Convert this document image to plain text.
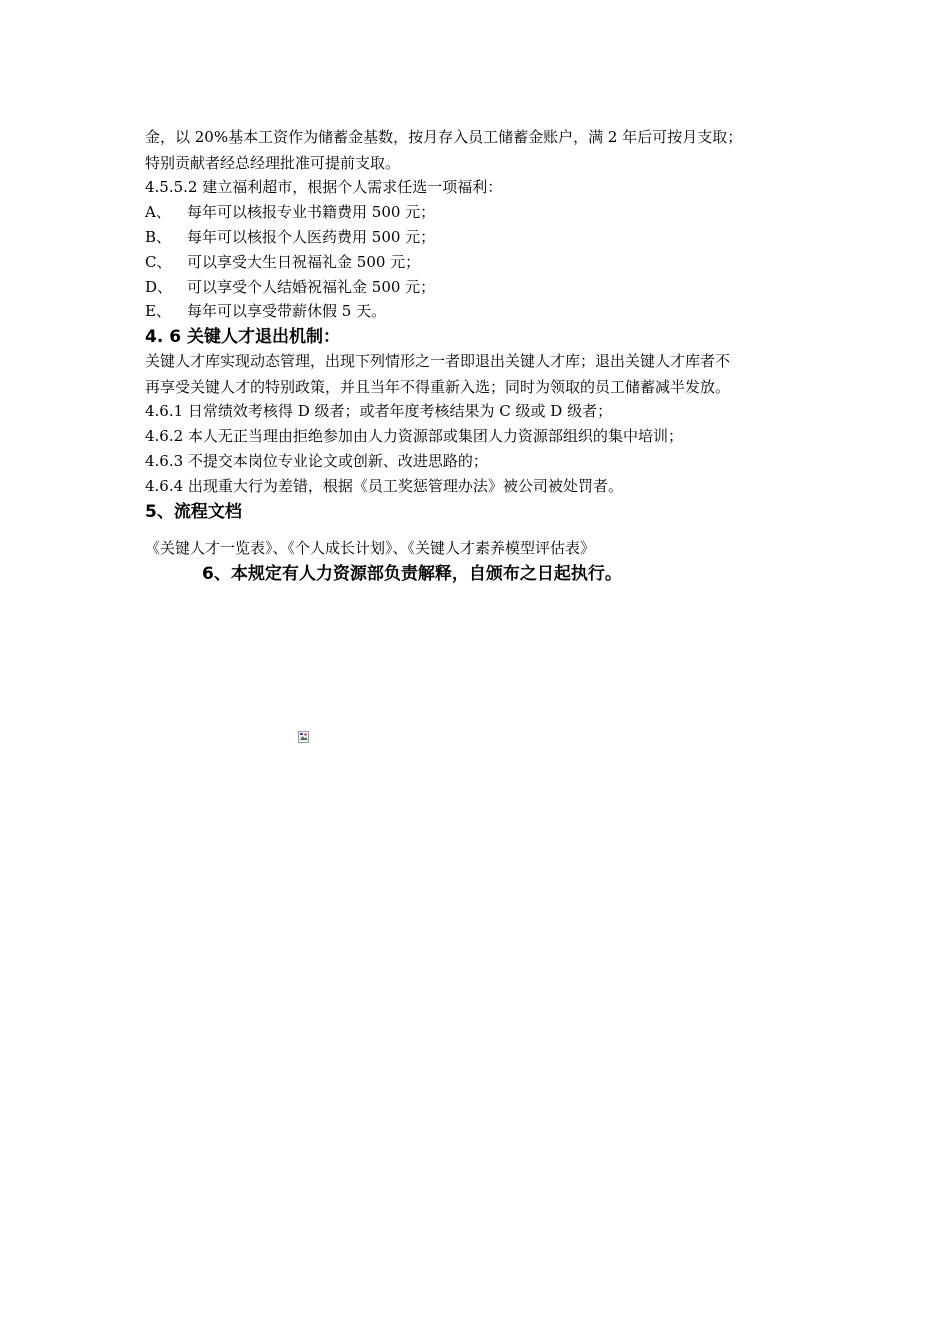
金，以 20%基本工资作为储蓄金基数，按月存入员工储蓄金账户，满 2 年后可按月支取；
特别贡献者经总经理批准可提前支取。
4.5.5.2 建立福利超市，根据个人需求任选一项福利：
A、 每年可以核报专业书籍费用 500 元；
B、 每年可以核报个人医药费用 500 元；
C、 可以享受大生日祝福礼金 500 元；
D、 可以享受个人结婚祝福礼金 500 元；
E、 每年可以享受带薪休假 5 天。
4. 6 关键人才退出机制：
关键人才库实现动态管理，出现下列情形之一者即退出关键人才库；退出关键人才库者不
再享受关键人才的特别政策，并且当年不得重新入选；同时为领取的员工储蓄减半发放。
4.6.1 日常绩效考核得 D 级者；或者年度考核结果为 C 级或 D 级者；
4.6.2 本人无正当理由拒绝参加由人力资源部或集团人力资源部组织的集中培训；
4.6.3 不提交本岗位专业论文或创新、改进思路的；
4.6.4 出现重大行为差错，根据《员工奖惩管理办法》被公司被处罚者。
5、流程文档
《关键人才一览表》、《个人成长计划》、《关键人才素养模型评估表》
6、本规定有人力资源部负责解释，自颁布之日起执行。
